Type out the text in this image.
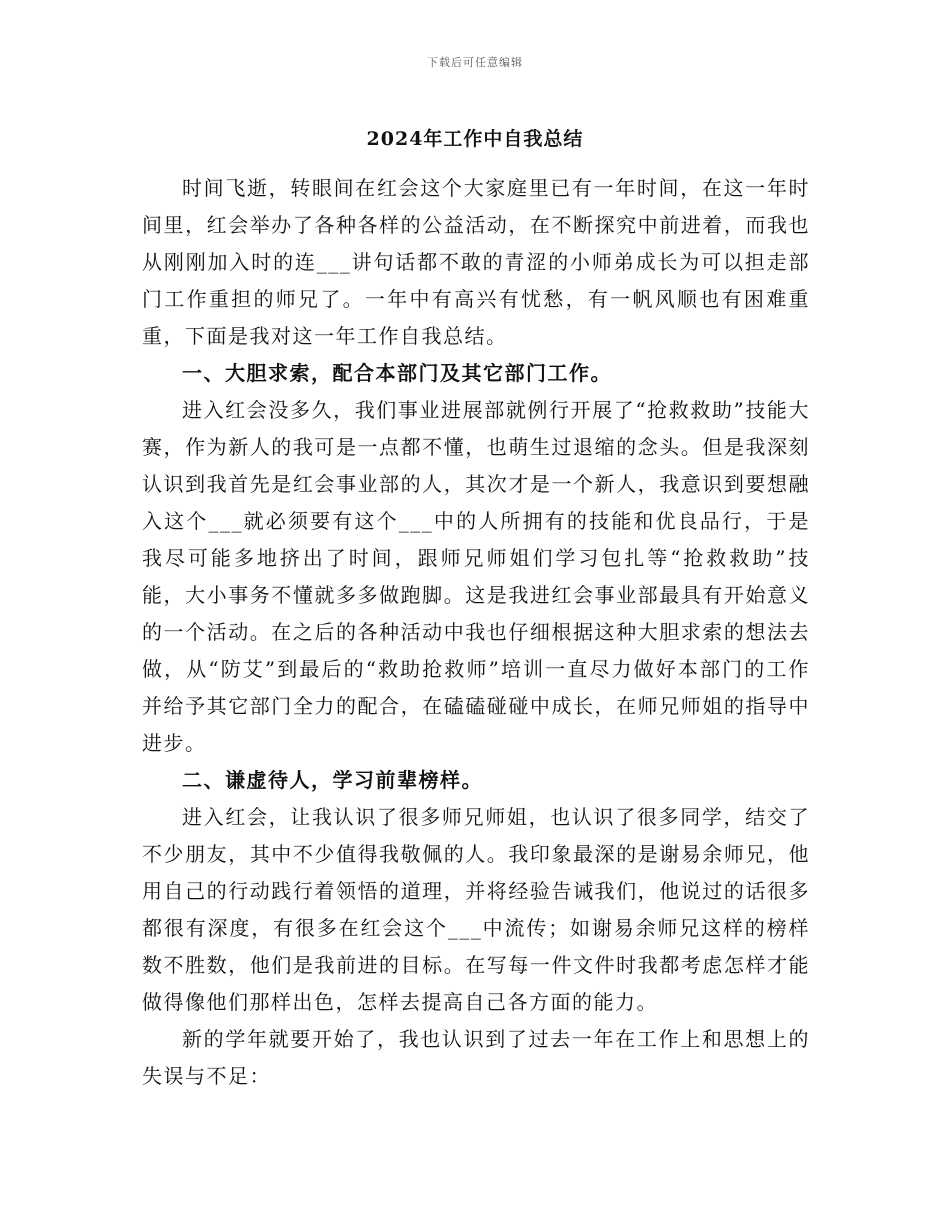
下载后可任意编辑
2024年工作中自我总结

时间飞逝，转眼间在红会这个大家庭里已有一年时间，在这一年时间里，红会举办了各种各样的公益活动，在不断探究中前进着，而我也从刚刚加入时的连___讲句话都不敢的青涩的小师弟成长为可以担走部门工作重担的师兄了。一年中有高兴有忧愁，有一帆风顺也有困难重重，下面是我对这一年工作自我总结。

一、大胆求索，配合本部门及其它部门工作。

进入红会没多久，我们事业进展部就例行开展了“抢救救助”技能大赛，作为新人的我可是一点都不懂，也萌生过退缩的念头。但是我深刻认识到我首先是红会事业部的人，其次才是一个新人，我意识到要想融入这个___就必须要有这个___中的人所拥有的技能和优良品行，于是我尽可能多地挤出了时间，跟师兄师姐们学习包扎等“抢救救助”技能，大小事务不懂就多多做跑脚。这是我进红会事业部最具有开始意义的一个活动。在之后的各种活动中我也仔细根据这种大胆求索的想法去做，从“防艾”到最后的“救助抢救师”培训一直尽力做好本部门的工作并给予其它部门全力的配合，在磕磕碰碰中成长，在师兄师姐的指导中进步。

二、谦虚待人，学习前辈榜样。

进入红会，让我认识了很多师兄师姐，也认识了很多同学，结交了不少朋友，其中不少值得我敬佩的人。我印象最深的是谢易余师兄，他用自己的行动践行着领悟的道理，并将经验告诫我们，他说过的话很多都很有深度，有很多在红会这个___中流传；如谢易余师兄这样的榜样数不胜数，他们是我前进的目标。在写每一件文件时我都考虑怎样才能做得像他们那样出色，怎样去提高自己各方面的能力。

新的学年就要开始了，我也认识到了过去一年在工作上和思想上的失误与不足：
